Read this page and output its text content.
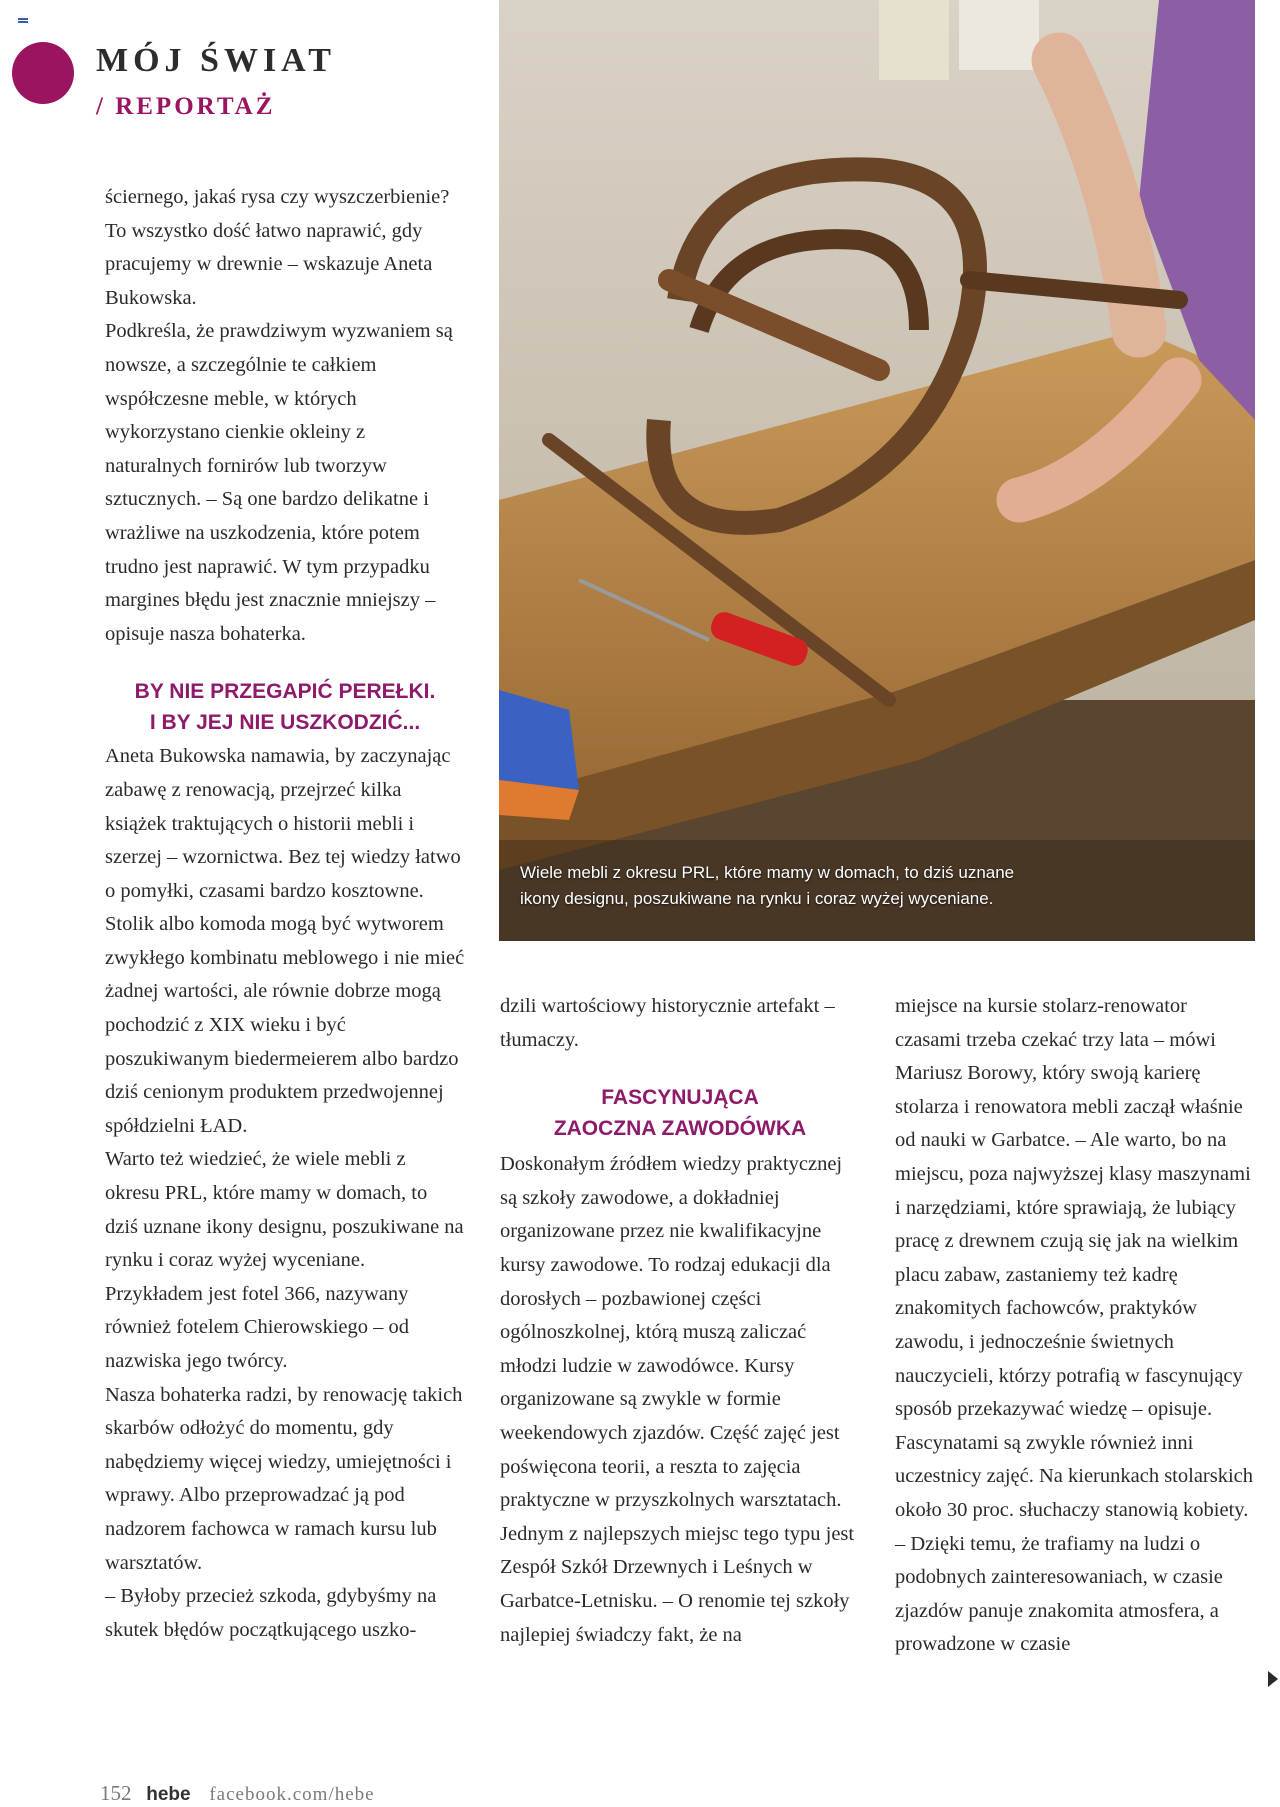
MÓJ ŚWIAT
/ REPORTAŻ
Wiele mebli z okresu PRL, które mamy w domach, to dziś uznane
ikony designu, poszukiwane na rynku i coraz wyżej wyceniane.

ściernego, jakaś rysa czy wyszczerbienie? To wszystko dość łatwo naprawić, gdy pracujemy w drewnie – wskazuje Aneta Bukowska.

Podkreśla, że prawdziwym wyzwaniem są nowsze, a szczególnie te całkiem współczesne meble, w których wykorzystano cienkie okleiny z naturalnych fornirów lub tworzyw sztucznych. – Są one bardzo delikatne i wrażliwe na uszkodzenia, które potem trudno jest naprawić. W tym przypadku margines błędu jest znacznie mniejszy – opisuje nasza bohaterka.

BY NIE PRZEGAPIĆ PEREŁKI.
I BY JEJ NIE USZKODZIĆ...

Aneta Bukowska namawia, by zaczynając zabawę z renowacją, przejrzeć kilka książek traktujących o historii mebli i szerzej – wzornictwa. Bez tej wiedzy łatwo o pomyłki, czasami bardzo kosztowne. Stolik albo komoda mogą być wytworem zwykłego kombinatu meblowego i nie mieć żadnej wartości, ale równie dobrze mogą pochodzić z XIX wieku i być poszukiwanym biedermeierem albo bardzo dziś cenionym produktem przedwojennej spółdzielni ŁAD.

Warto też wiedzieć, że wiele mebli z okresu PRL, które mamy w domach, to dziś uznane ikony designu, poszukiwane na rynku i coraz wyżej wyceniane. Przykładem jest fotel 366, nazywany również fotelem Chierowskiego – od nazwiska jego twórcy.

Nasza bohaterka radzi, by renowację takich skarbów odłożyć do momentu, gdy nabędziemy więcej wiedzy, umiejętności i wprawy. Albo przeprowadzać ją pod nadzorem fachowca w ramach kursu lub warsztatów.

– Byłoby przecież szkoda, gdybyśmy na skutek błędów początkującego uszko-

dzili wartościowy historycznie artefakt – tłumaczy.

FASCYNUJĄCA
ZAOCZNA ZAWODÓWKA

Doskonałym źródłem wiedzy praktycznej są szkoły zawodowe, a dokładniej organizowane przez nie kwalifikacyjne kursy zawodowe. To rodzaj edukacji dla dorosłych – pozbawionej części ogólnoszkolnej, którą muszą zaliczać młodzi ludzie w zawodówce. Kursy organizowane są zwykle w formie weekendowych zjazdów. Część zajęć jest poświęcona teorii, a reszta to zajęcia praktyczne w przyszkolnych warsztatach.

Jednym z najlepszych miejsc tego typu jest Zespół Szkół Drzewnych i Leśnych w Garbatce-Letnisku. – O renomie tej szkoły najlepiej świadczy fakt, że na

miejsce na kursie stolarz-renowator czasami trzeba czekać trzy lata – mówi Mariusz Borowy, który swoją karierę stolarza i renowatora mebli zaczął właśnie od nauki w Garbatce. – Ale warto, bo na miejscu, poza najwyższej klasy maszynami i narzędziami, które sprawiają, że lubiący pracę z drewnem czują się jak na wielkim placu zabaw, zastaniemy też kadrę znakomitych fachowców, praktyków zawodu, i jednocześnie świetnych nauczycieli, którzy potrafią w fascynujący sposób przekazywać wiedzę – opisuje.

Fascynatami są zwykle również inni uczestnicy zajęć. Na kierunkach stolarskich około 30 proc. słuchaczy stanowią kobiety. – Dzięki temu, że trafiamy na ludzi o podobnych zainteresowaniach, w czasie zjazdów panuje znakomita atmosfera, a prowadzone w czasie

152 hebe facebook.com/hebe
